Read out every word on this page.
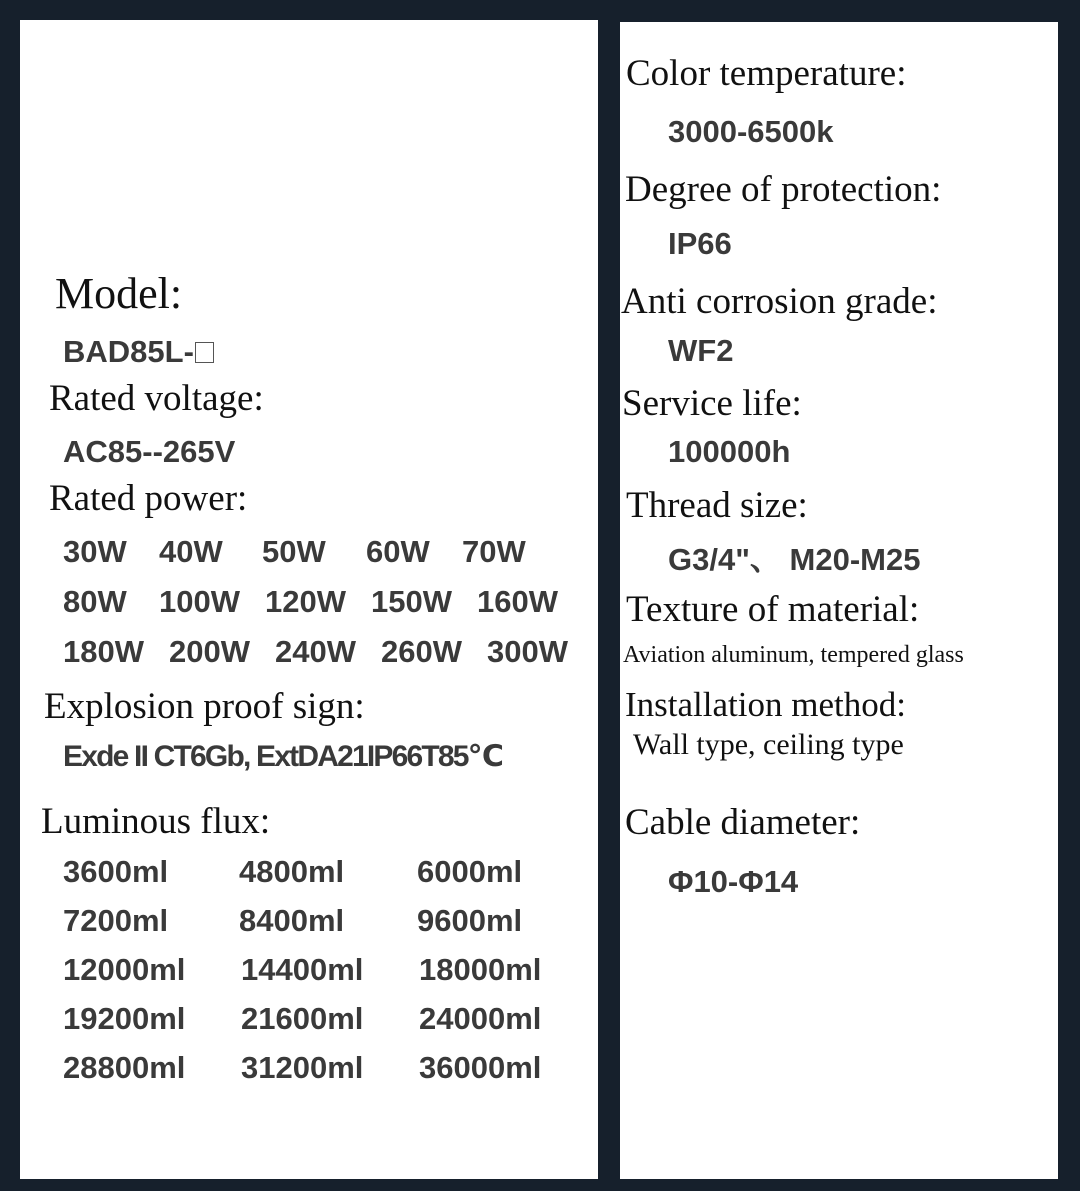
Model:
BAD85L-
Rated voltage:
AC85--265V
Rated power:
30W	40W	50W	60W	70W
80W	100W 120W 150W 160W
180W 200W 240W 260W 300W
Explosion proof sign:
Exde II CT6Gb, ExtDA21IP66T85℃
Luminous flux:
3600ml	4800ml	6000ml
7200ml	8400ml	9600ml
12000ml	14400ml	18000ml
19200ml	21600ml	24000ml
28800ml	31200ml	36000ml
Color temperature:
3000-6500k
Degree of protection:
IP66
Anti corrosion grade:
WF2
Service life:
100000h
Thread size:
G3/4"、 M20-M25
Texture of material:
Aviation aluminum, tempered glass
Installation method:
Wall type, ceiling type
Cable diameter:
Φ10-Φ14
